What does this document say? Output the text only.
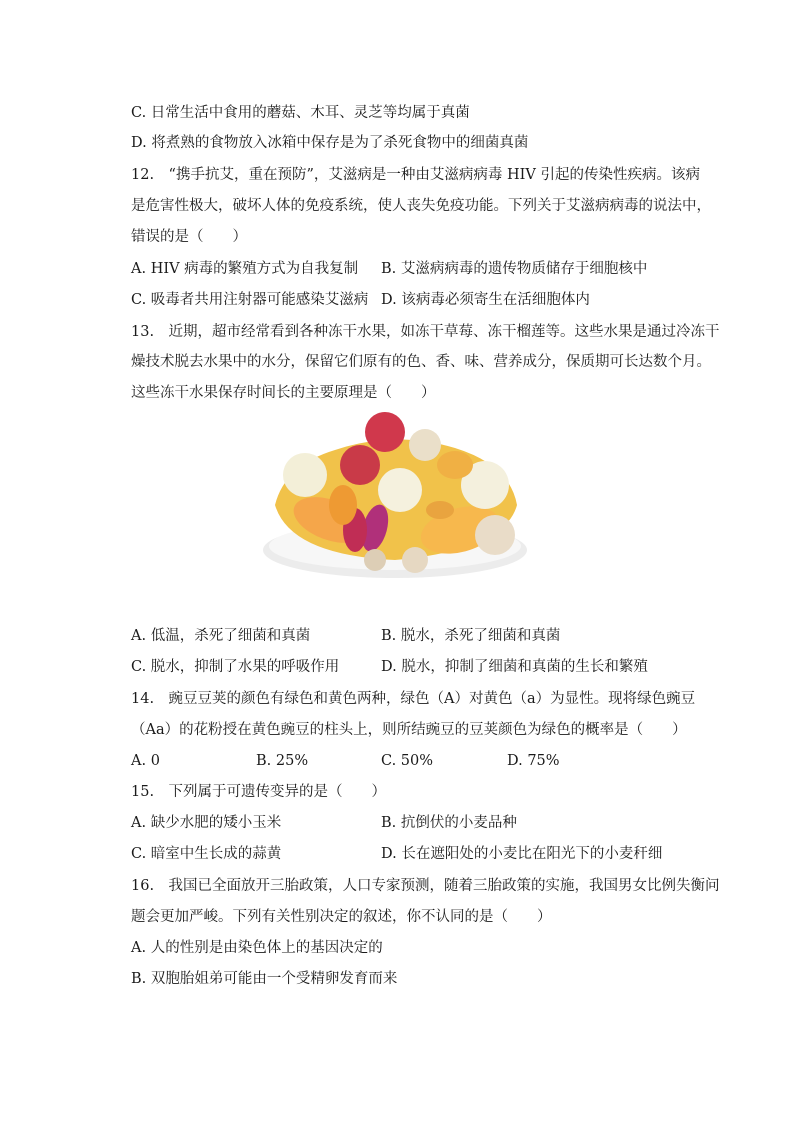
C. 日常生活中食用的蘑菇、木耳、灵芝等均属于真菌
D. 将煮熟的食物放入冰箱中保存是为了杀死食物中的细菌真菌
12.　“携手抗艾，重在预防”，艾滋病是一种由艾滋病病毒 HIV 引起的传染性疾病。该病
是危害性极大，破坏人体的免疫系统，使人丧失免疫功能。下列关于艾滋病病毒的说法中，
错误的是（　　）
A. HIV 病毒的繁殖方式为自我复制 B. 艾滋病病毒的遗传物质储存于细胞核中
C. 吸毒者共用注射器可能感染艾滋病 D. 该病毒必须寄生在活细胞体内
13.　近期，超市经常看到各种冻干水果，如冻干草莓、冻干榴莲等。这些水果是通过冷冻干
燥技术脱去水果中的水分，保留它们原有的色、香、味、营养成分，保质期可长达数个月。
这些冻干水果保存时间长的主要原理是（　　）
A. 低温，杀死了细菌和真菌	B. 脱水，杀死了细菌和真菌
C. 脱水，抑制了水果的呼吸作用	D. 脱水，抑制了细菌和真菌的生长和繁殖
14.　豌豆豆荚的颜色有绿色和黄色两种，绿色（A）对黄色（a）为显性。现将绿色豌豆
（Aa）的花粉授在黄色豌豆的柱头上，则所结豌豆的豆荚颜色为绿色的概率是（　　）
A. 0	B. 25%	C. 50%	D. 75%
15.　下列属于可遗传变异的是（　　）
A. 缺少水肥的矮小玉米	B. 抗倒伏的小麦品种
C. 暗室中生长成的蒜黄	D. 长在遮阳处的小麦比在阳光下的小麦秆细
16.　我国已全面放开三胎政策，人口专家预测，随着三胎政策的实施，我国男女比例失衡问
题会更加严峻。下列有关性别决定的叙述，你不认同的是（　　）
A. 人的性别是由染色体上的基因决定的
B. 双胞胎姐弟可能由一个受精卵发育而来
